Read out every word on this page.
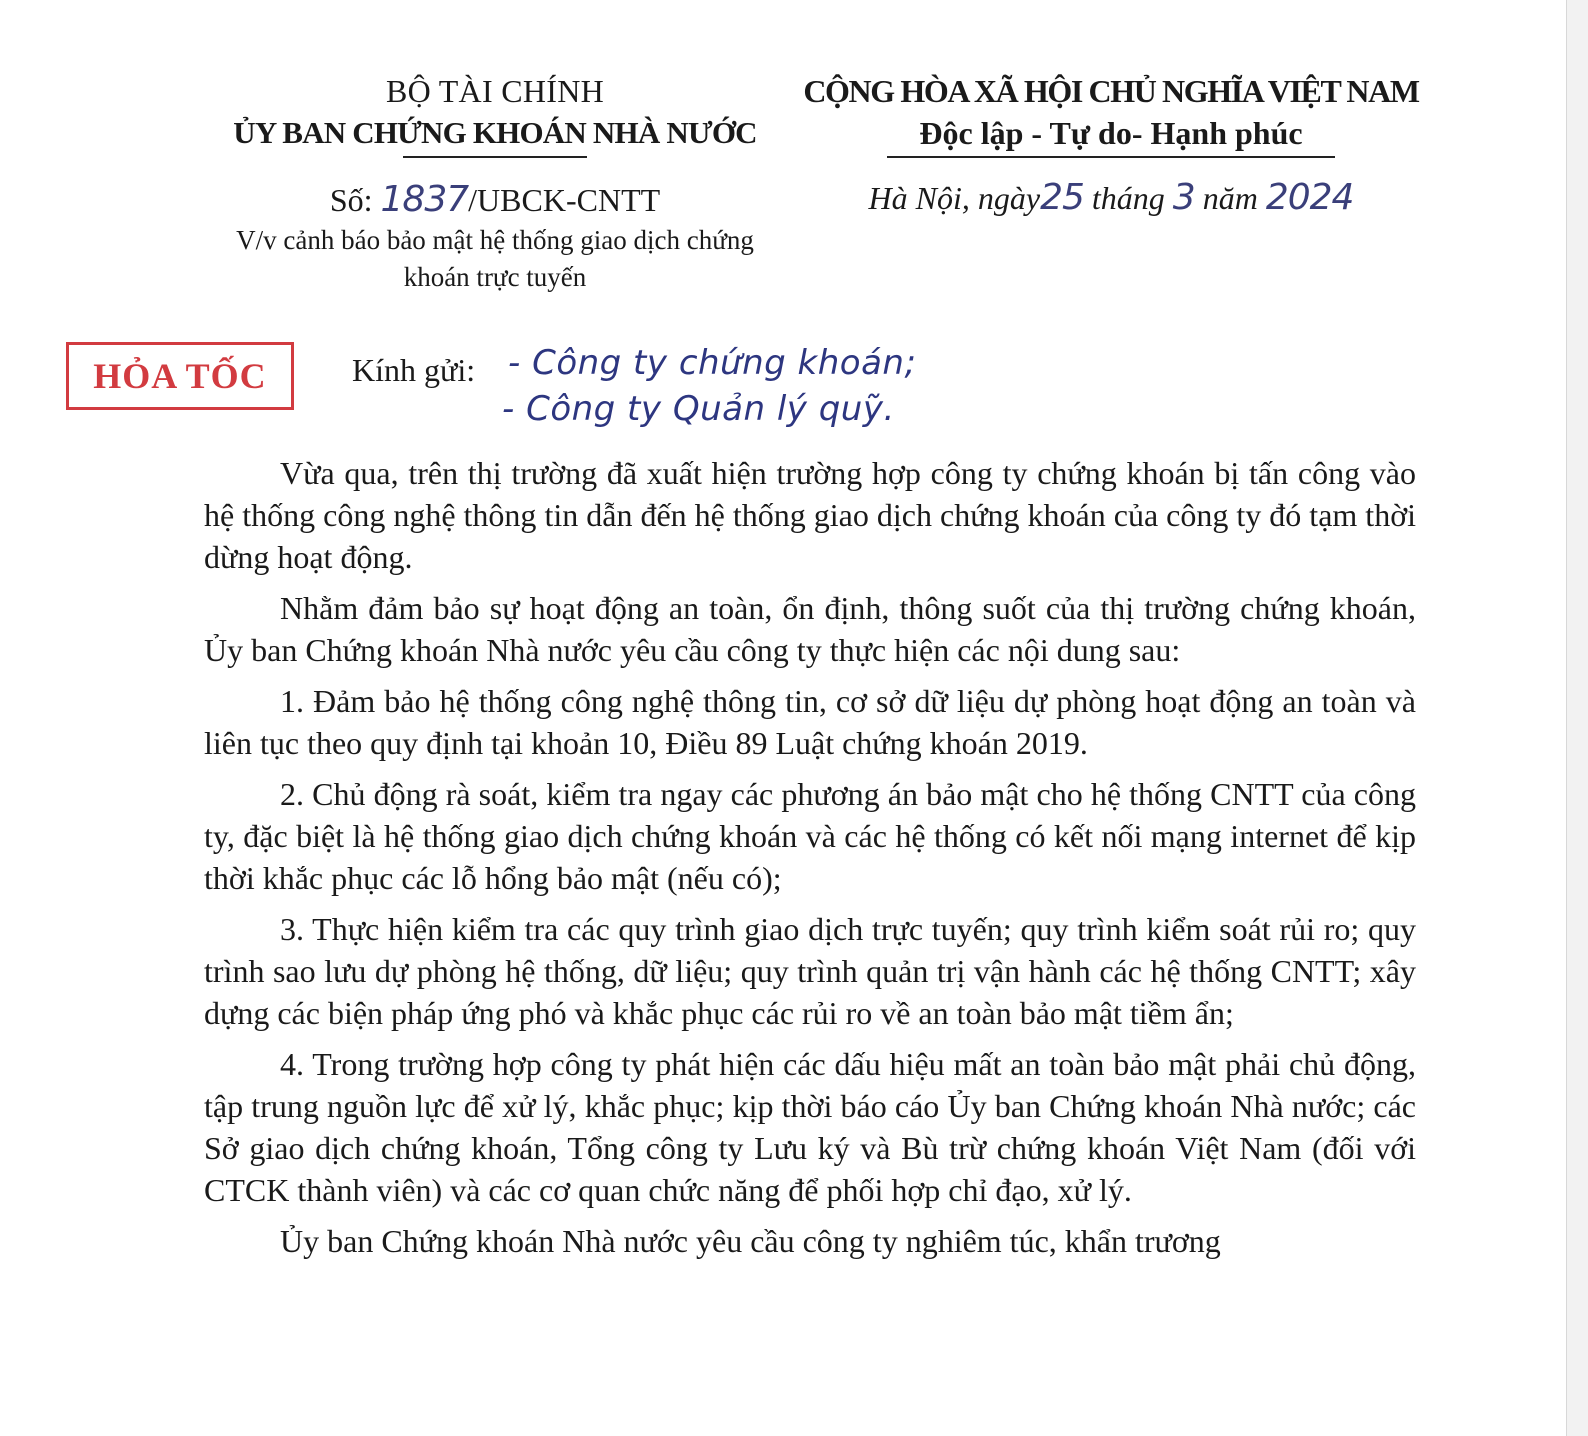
BỘ TÀI CHÍNH
ỦY BAN CHỨNG KHOÁN NHÀ NƯỚC
CỘNG HÒA XÃ HỘI CHỦ NGHĨA VIỆT NAM
Độc lập - Tự do- Hạnh phúc
Số: 1837/UBCK-CNTT
V/v cảnh báo bảo mật hệ thống giao dịch chứng khoán trực tuyến
Hà Nội, ngày25 tháng 3 năm 2024
HỎA TỐC	Kính gửi: - Công ty chứng khoán;
- Công ty Quản lý quỹ.

Vừa qua, trên thị trường đã xuất hiện trường hợp công ty chứng khoán bị tấn công vào hệ thống công nghệ thông tin dẫn đến hệ thống giao dịch chứng khoán của công ty đó tạm thời dừng hoạt động.

Nhằm đảm bảo sự hoạt động an toàn, ổn định, thông suốt của thị trường chứng khoán, Ủy ban Chứng khoán Nhà nước yêu cầu công ty thực hiện các nội dung sau:

1. Đảm bảo hệ thống công nghệ thông tin, cơ sở dữ liệu dự phòng hoạt động an toàn và liên tục theo quy định tại khoản 10, Điều 89 Luật chứng khoán 2019.

2. Chủ động rà soát, kiểm tra ngay các phương án bảo mật cho hệ thống CNTT của công ty, đặc biệt là hệ thống giao dịch chứng khoán và các hệ thống có kết nối mạng internet để kịp thời khắc phục các lỗ hổng bảo mật (nếu có);

3. Thực hiện kiểm tra các quy trình giao dịch trực tuyến; quy trình kiểm soát rủi ro; quy trình sao lưu dự phòng hệ thống, dữ liệu; quy trình quản trị vận hành các hệ thống CNTT; xây dựng các biện pháp ứng phó và khắc phục các rủi ro về an toàn bảo mật tiềm ẩn;

4. Trong trường hợp công ty phát hiện các dấu hiệu mất an toàn bảo mật phải chủ động, tập trung nguồn lực để xử lý, khắc phục; kịp thời báo cáo Ủy ban Chứng khoán Nhà nước; các Sở giao dịch chứng khoán, Tổng công ty Lưu ký và Bù trừ chứng khoán Việt Nam (đối với CTCK thành viên) và các cơ quan chức năng để phối hợp chỉ đạo, xử lý.

Ủy ban Chứng khoán Nhà nước yêu cầu công ty nghiêm túc, khẩn trương
